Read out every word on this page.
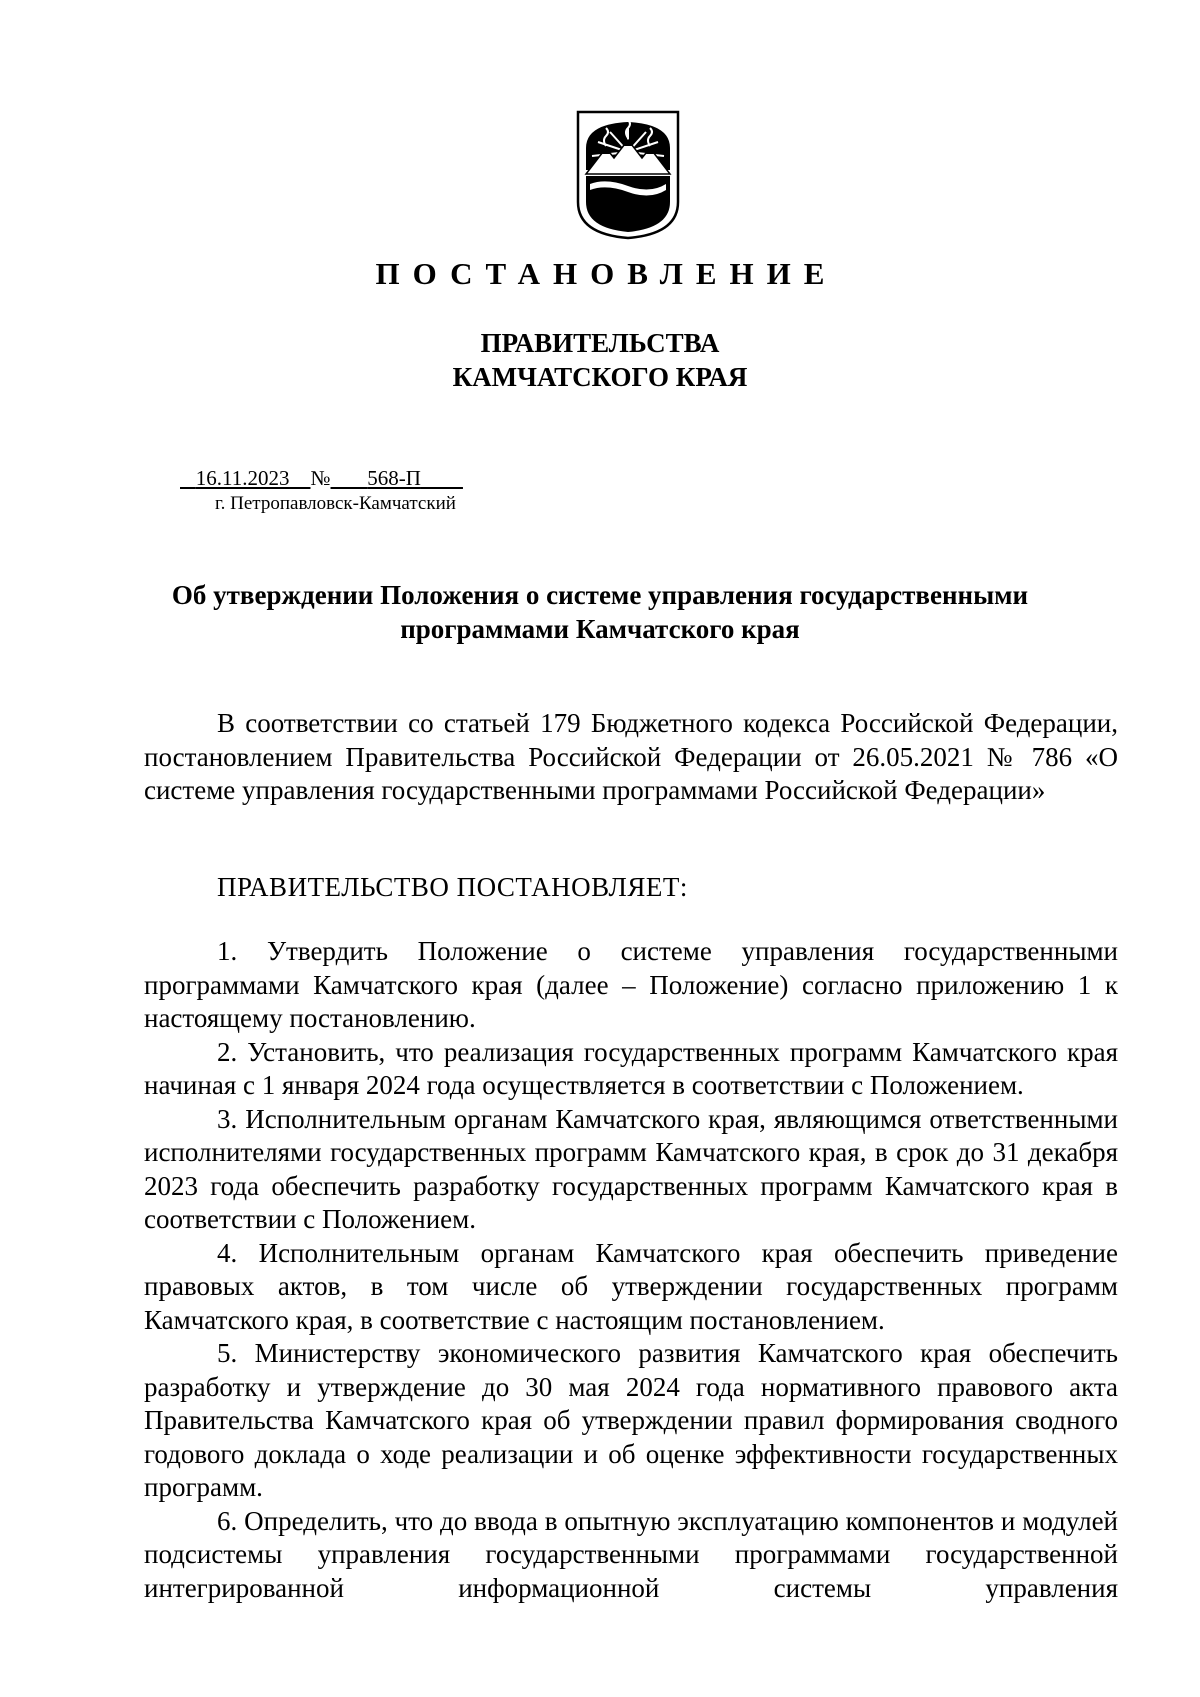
ПОСТАНОВЛЕНИЕ
ПРАВИТЕЛЬСТВА
КАМЧАТСКОГО КРАЯ
16.11.2023 № 568-П
г. Петропавловск-Камчатский
Об утверждении Положения о системе управления государственными
программами Камчатского края

В соответствии со статьей 179 Бюджетного кодекса Российской Федерации, постановлением Правительства Российской Федерации от 26.05.2021 № 786 «О системе управления государственными программами Российской Федерации»

ПРАВИТЕЛЬСТВО ПОСТАНОВЛЯЕТ:

1. Утвердить Положение о системе управления государственными программами Камчатского края (далее – Положение) согласно приложению 1 к настоящему постановлению.

2. Установить, что реализация государственных программ Камчатского края начиная с 1 января 2024 года осуществляется в соответствии с Положением.

3. Исполнительным органам Камчатского края, являющимся ответственными исполнителями государственных программ Камчатского края, в срок до 31 декабря 2023 года обеспечить разработку государственных программ Камчатского края в соответствии с Положением.

4. Исполнительным органам Камчатского края обеспечить приведение правовых актов, в том числе об утверждении государственных программ Камчатского края, в соответствие с настоящим постановлением.

5. Министерству экономического развития Камчатского края обеспечить разработку и утверждение до 30 мая 2024 года нормативного правового акта Правительства Камчатского края об утверждении правил формирования сводного годового доклада о ходе реализации и об оценке эффективности государственных программ.

6. Определить, что до ввода в опытную эксплуатацию компонентов и модулей подсистемы управления государственными программами государственной интегрированной информационной системы управления
